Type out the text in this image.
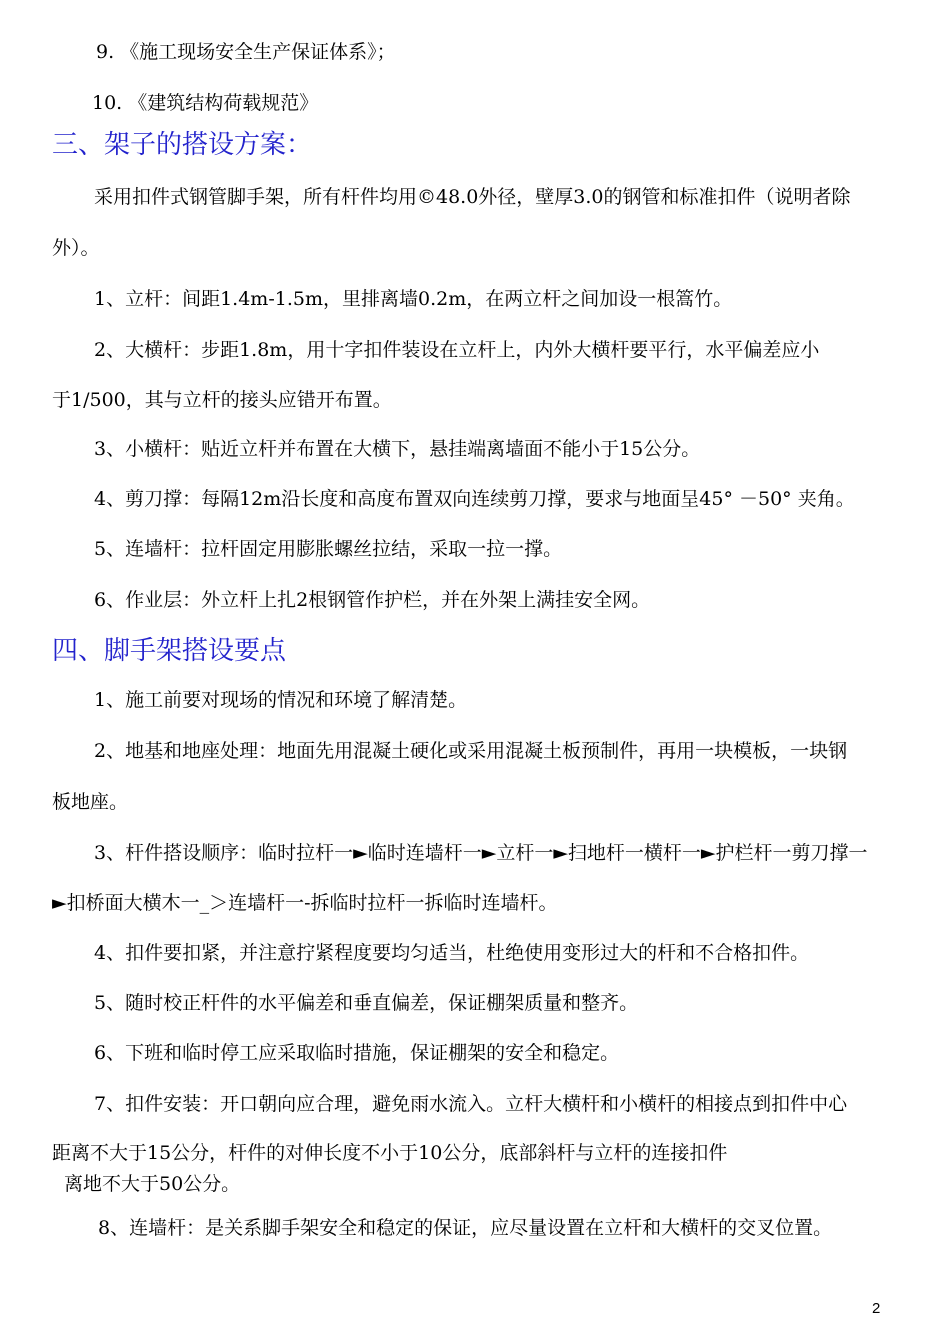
9. 《施工现场安全生产保证体系》；
10. 《建筑结构荷载规范》
三、架子的搭设方案：
采用扣件式钢管脚手架，所有杆件均用©48.0外径，壁厚3.0的钢管和标准扣件（说明者除
外）。
1、立杆：间距1.4m-1.5m，里排离墙0.2m，在两立杆之间加设一根篙竹。
2、大横杆：步距1.8m，用十字扣件装设在立杆上，内外大横杆要平行，水平偏差应小
于1/500，其与立杆的接头应错开布置。
3、小横杆：贴近立杆并布置在大横下，悬挂端离墙面不能小于15公分。
4、剪刀撑：每隔12m沿长度和高度布置双向连续剪刀撑，要求与地面呈45° －50° 夹角。
5、连墙杆：拉杆固定用膨胀螺丝拉结，采取一拉一撑。
6、作业层：外立杆上扎2根钢管作护栏，并在外架上满挂安全网。
四、脚手架搭设要点
1、施工前要对现场的情况和环境了解清楚。
2、地基和地座处理：地面先用混凝土硬化或采用混凝土板预制件，再用一块模板，一块钢
板地座。
3、杆件搭设顺序：临时拉杆一►临时连墙杆一►立杆一►扫地杆一横杆一►护栏杆一剪刀撑一
►扣桥面大横木一_＞连墙杆一-拆临时拉杆一拆临时连墙杆。
4、扣件要扣紧，并注意拧紧程度要均匀适当，杜绝使用变形过大的杆和不合格扣件。
5、随时校正杆件的水平偏差和垂直偏差，保证棚架质量和整齐。
6、下班和临时停工应采取临时措施，保证棚架的安全和稳定。
7、扣件安装：开口朝向应合理，避免雨水流入。立杆大横杆和小横杆的相接点到扣件中心
距离不大于15公分，杆件的对伸长度不小于10公分，底部斜杆与立杆的连接扣件
离地不大于50公分。
8、连墙杆：是关系脚手架安全和稳定的保证，应尽量设置在立杆和大横杆的交叉位置。
2
